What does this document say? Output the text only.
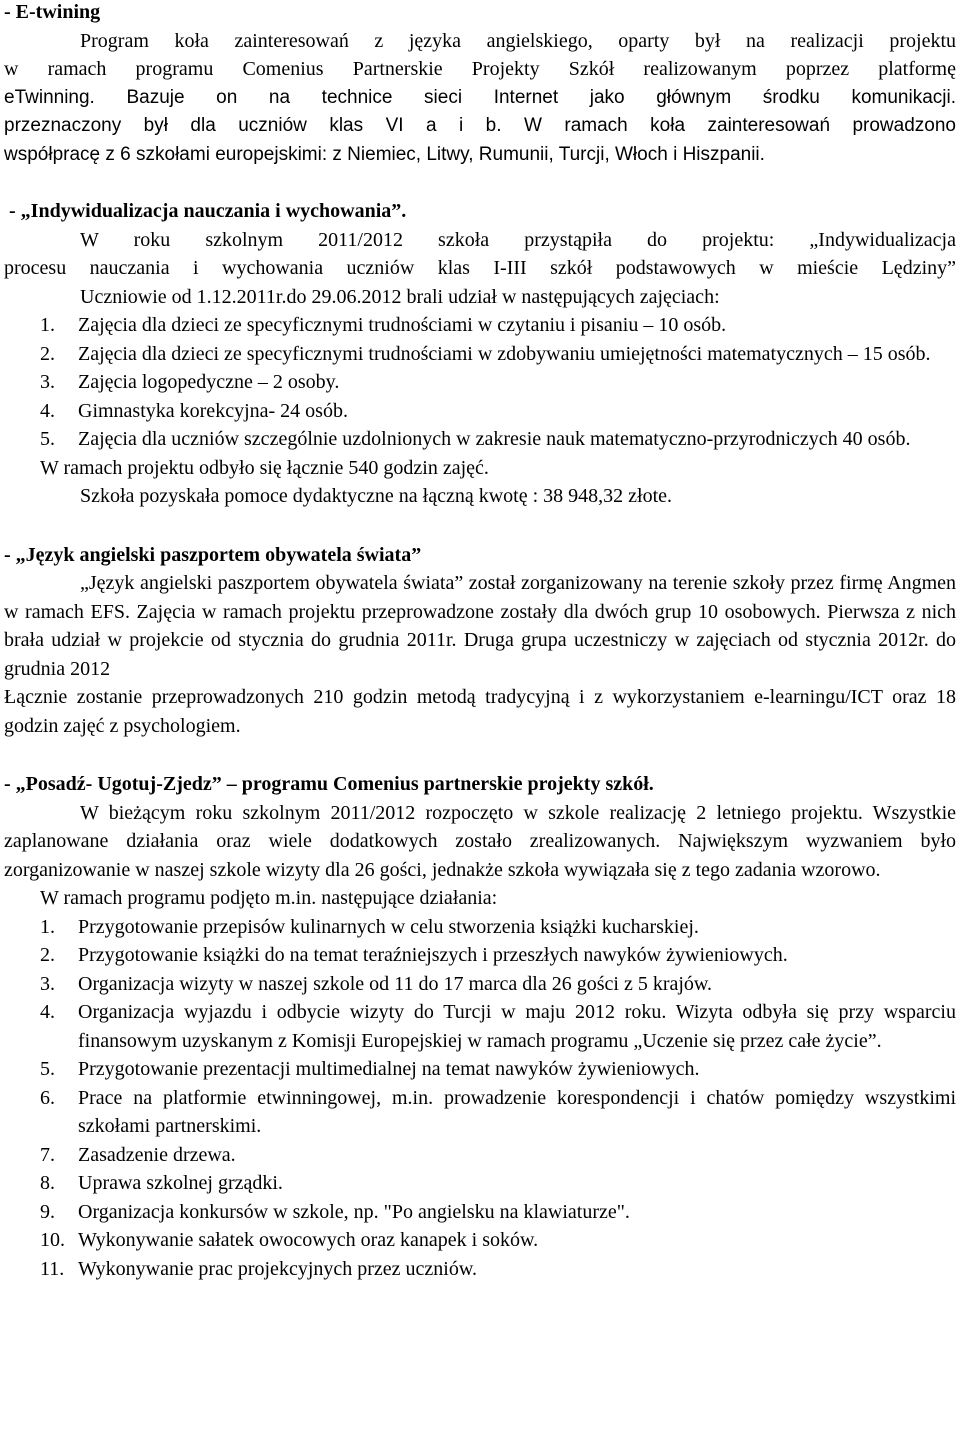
- E-twining
Program koła zainteresowań z języka angielskiego, oparty był na realizacji projektu
w ramach programu Comenius Partnerskie Projekty Szkół realizowanym poprzez platformę
eTwinning. Bazuje on na technice sieci Internet jako głównym środku komunikacji.
przeznaczony był dla uczniów klas VI a i b. W ramach koła zainteresowań prowadzono
współpracę z 6 szkołami europejskimi: z Niemiec, Litwy, Rumunii, Turcji, Włoch i Hiszpanii.
- „Indywidualizacja nauczania i wychowania”.
W roku szkolnym 2011/2012 szkoła przystąpiła do projektu: „Indywidualizacja
procesu nauczania i wychowania uczniów klas I-III szkół podstawowych w mieście Lędziny”
Uczniowie od 1.12.2011r.do 29.06.2012 brali udział w następujących zajęciach:
1. Zajęcia dla dzieci ze specyficznymi trudnościami w czytaniu i pisaniu – 10 osób.
2. Zajęcia dla dzieci ze specyficznymi trudnościami w zdobywaniu umiejętności matematycznych – 15 osób.
3. Zajęcia logopedyczne – 2 osoby.
4. Gimnastyka korekcyjna- 24 osób.
5. Zajęcia dla uczniów szczególnie uzdolnionych w zakresie nauk matematyczno-przyrodniczych 40 osób.
W ramach projektu odbyło się łącznie 540 godzin zajęć.
Szkoła pozyskała pomoce dydaktyczne na łączną kwotę : 38 948,32 złote.
- „Język angielski paszportem obywatela świata”
„Język angielski paszportem obywatela świata” został zorganizowany na terenie szkoły przez firmę Angmen w ramach EFS. Zajęcia w ramach projektu przeprowadzone zostały dla dwóch grup 10 osobowych. Pierwsza z nich brała udział w projekcie od stycznia do grudnia 2011r. Druga grupa uczestniczy w zajęciach od stycznia 2012r. do grudnia 2012
Łącznie zostanie przeprowadzonych 210 godzin metodą tradycyjną i z wykorzystaniem e-learningu/ICT oraz 18 godzin zajęć z psychologiem.
- „Posadź- Ugotuj-Zjedz” – programu Comenius partnerskie projekty szkół.
W bieżącym roku szkolnym 2011/2012 rozpoczęto w szkole realizację 2 letniego projektu. Wszystkie zaplanowane działania oraz wiele dodatkowych zostało zrealizowanych. Największym wyzwaniem było zorganizowanie w naszej szkole wizyty dla 26 gości, jednakże szkoła wywiązała się z tego zadania wzorowo.
W ramach programu podjęto m.in. następujące działania:
1. Przygotowanie przepisów kulinarnych w celu stworzenia książki kucharskiej.
2. Przygotowanie książki do na temat teraźniejszych i przeszłych nawyków żywieniowych.
3. Organizacja wizyty w naszej szkole od 11 do 17 marca dla 26 gości z 5 krajów.
4. Organizacja wyjazdu i odbycie wizyty do Turcji w maju 2012 roku. Wizyta odbyła się przy wsparciu finansowym uzyskanym z Komisji Europejskiej w ramach programu „Uczenie się przez całe życie”.
5. Przygotowanie prezentacji multimedialnej na temat nawyków żywieniowych.
6. Prace na platformie etwinningowej, m.in. prowadzenie korespondencji i chatów pomiędzy wszystkimi szkołami partnerskimi.
7. Zasadzenie drzewa.
8. Uprawa szkolnej grządki.
9. Organizacja konkursów w szkole, np. "Po angielsku na klawiaturze".
10. Wykonywanie sałatek owocowych oraz kanapek i soków.
11. Wykonywanie prac projekcyjnych przez uczniów.
